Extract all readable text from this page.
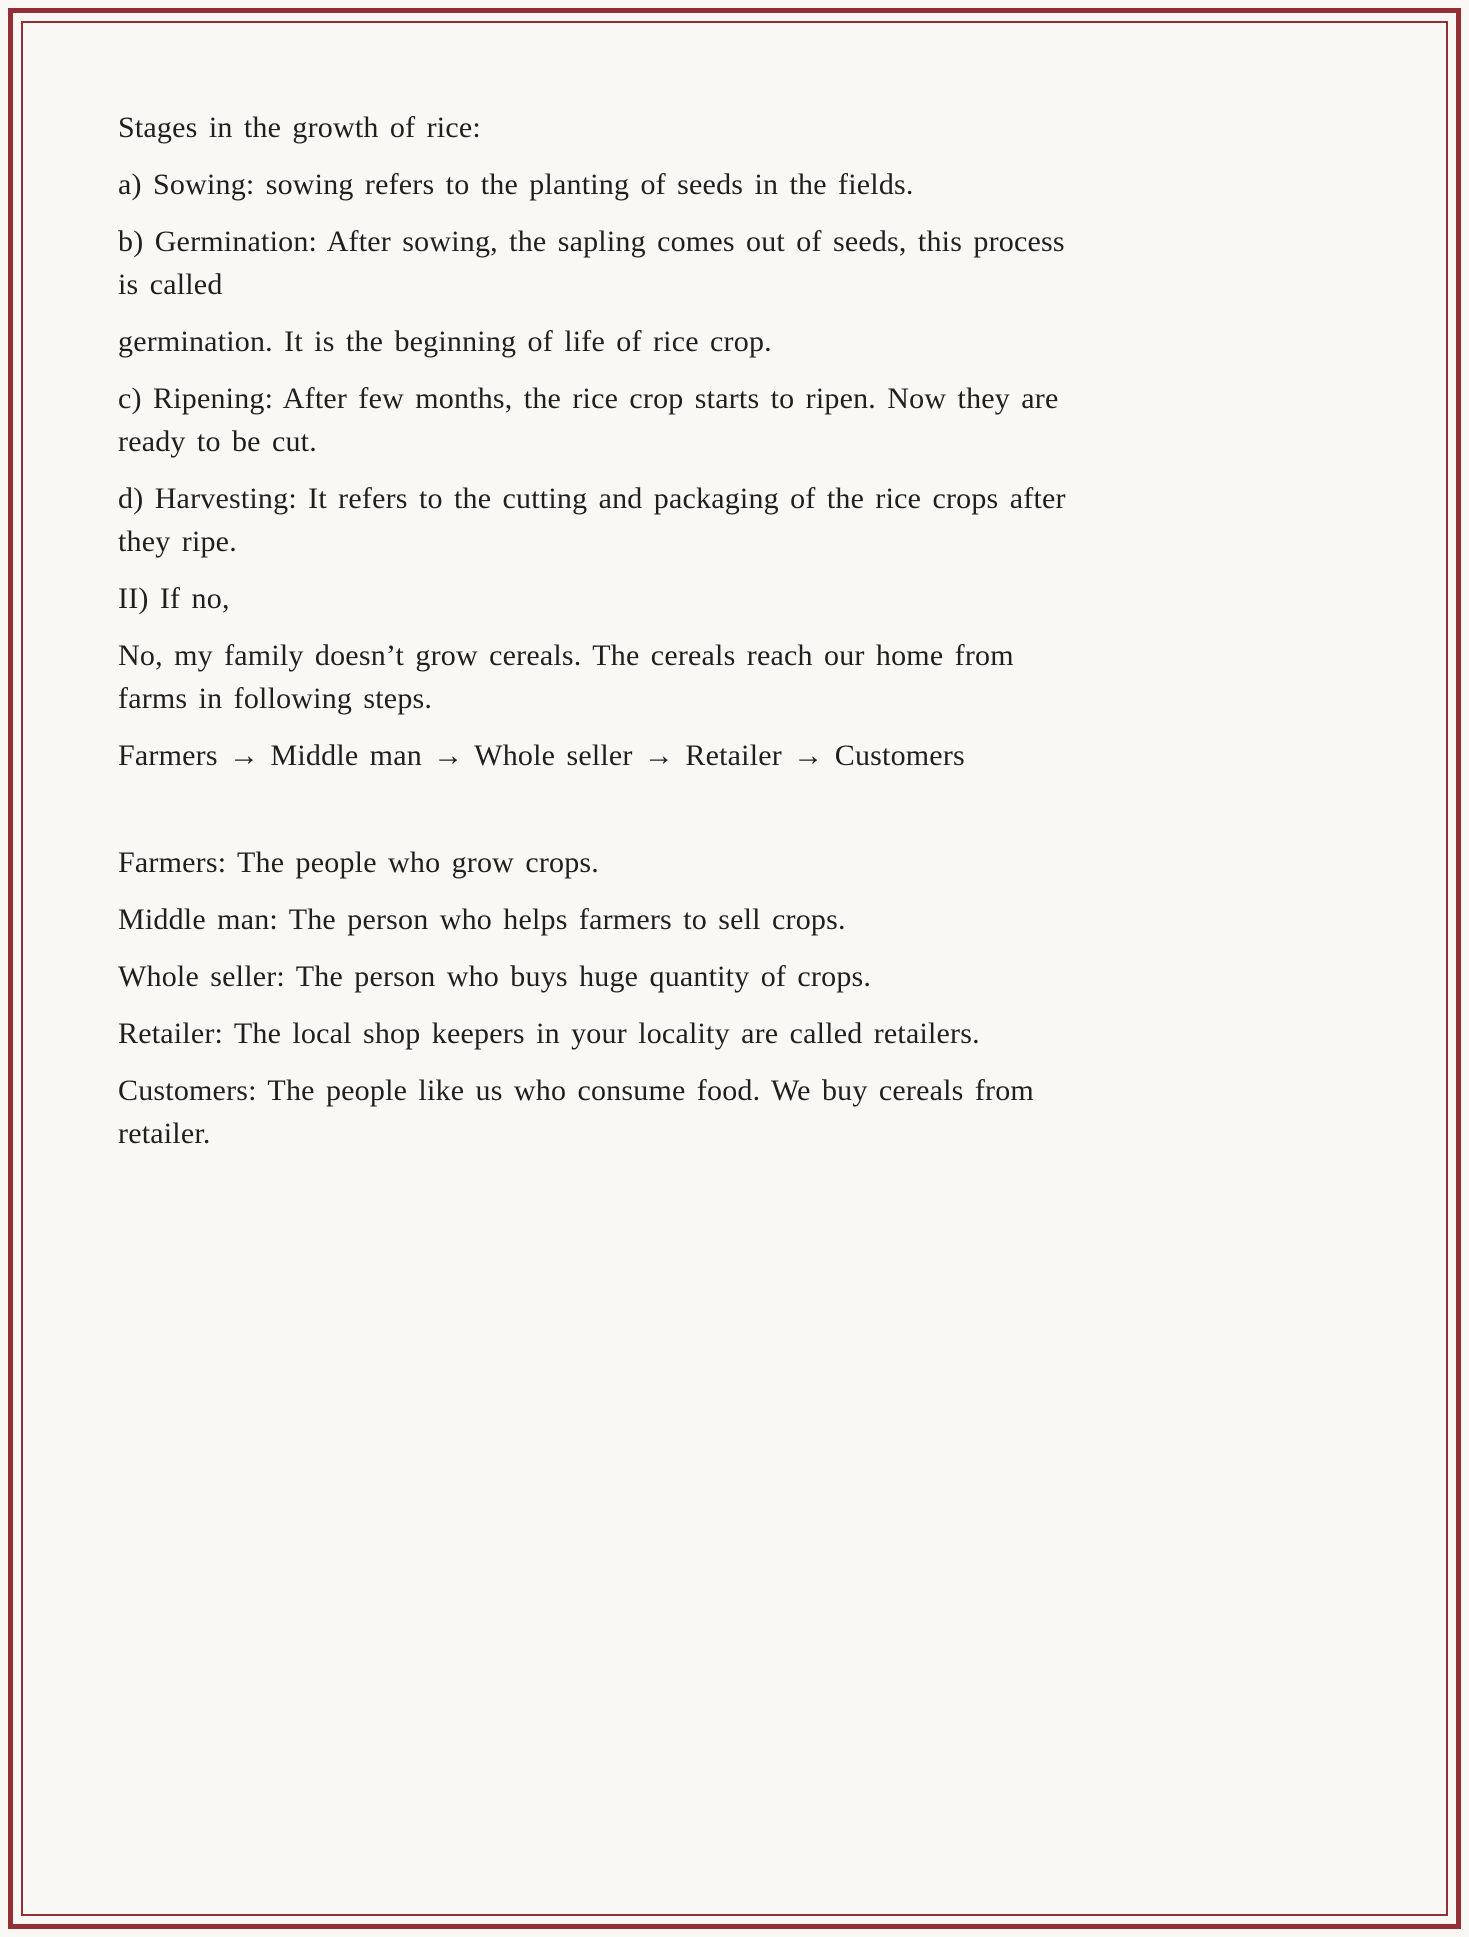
Stages in the growth of rice:

a) Sowing: sowing refers to the planting of seeds in the fields.

b) Germination: After sowing, the sapling comes out of seeds, this process is called

germination. It is the beginning of life of rice crop.

c) Ripening: After few months, the rice crop starts to ripen. Now they are ready to be cut.

d) Harvesting: It refers to the cutting and packaging of the rice crops after they ripe.

II) If no,

No, my family doesn’t grow cereals. The cereals reach our home from farms in following steps.

Farmers → Middle man → Whole seller → Retailer → Customers

Farmers: The people who grow crops.

Middle man: The person who helps farmers to sell crops.

Whole seller: The person who buys huge quantity of crops.

Retailer: The local shop keepers in your locality are called retailers.

Customers: The people like us who consume food. We buy cereals from retailer.
